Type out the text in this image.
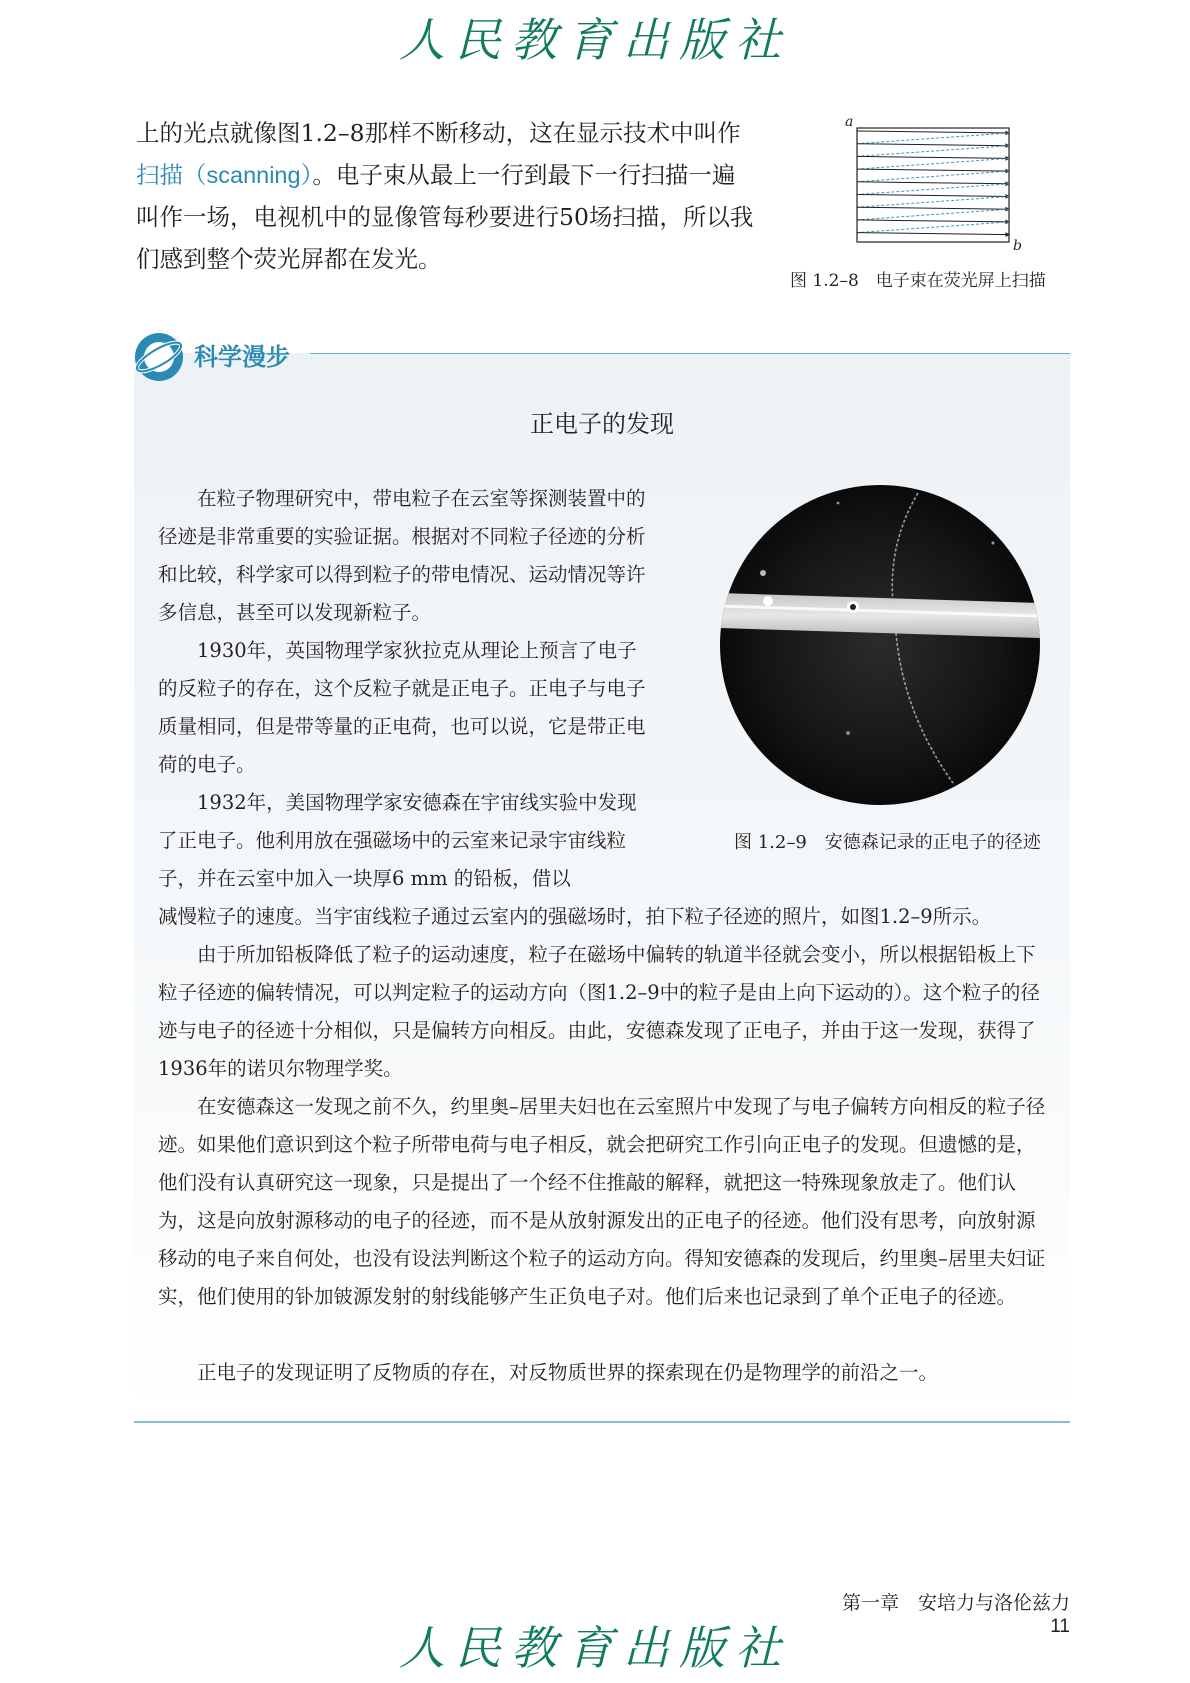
人民教育出版社

上的光点就像图1.2–8那样不断移动，这在显示技术中叫作扫描（scanning）。电子束从最上一行到最下一行扫描一遍叫作一场，电视机中的显像管每秒要进行50场扫描，所以我们感到整个荧光屏都在发光。

a
b
图 1.2–8　电子束在荧光屏上扫描
科学漫步
正电子的发现

在粒子物理研究中，带电粒子在云室等探测装置中的径迹是非常重要的实验证据。根据对不同粒子径迹的分析和比较，科学家可以得到粒子的带电情况、运动情况等许多信息，甚至可以发现新粒子。

1930年，英国物理学家狄拉克从理论上预言了电子的反粒子的存在，这个反粒子就是正电子。正电子与电子质量相同，但是带等量的正电荷，也可以说，它是带正电荷的电子。

1932年，美国物理学家安德森在宇宙线实验中发现了正电子。他利用放在强磁场中的云室来记录宇宙线粒子，并在云室中加入一块厚6 mm 的铅板，借以

减慢粒子的速度。当宇宙线粒子通过云室内的强磁场时，拍下粒子径迹的照片，如图1.2–9所示。

由于所加铅板降低了粒子的运动速度，粒子在磁场中偏转的轨道半径就会变小，所以根据铅板上下粒子径迹的偏转情况，可以判定粒子的运动方向（图1.2–9中的粒子是由上向下运动的）。这个粒子的径迹与电子的径迹十分相似，只是偏转方向相反。由此，安德森发现了正电子，并由于这一发现，获得了1936年的诺贝尔物理学奖。

在安德森这一发现之前不久，约里奥–居里夫妇也在云室照片中发现了与电子偏转方向相反的粒子径迹。如果他们意识到这个粒子所带电荷与电子相反，就会把研究工作引向正电子的发现。但遗憾的是，他们没有认真研究这一现象，只是提出了一个经不住推敲的解释，就把这一特殊现象放走了。他们认为，这是向放射源移动的电子的径迹，而不是从放射源发出的正电子的径迹。他们没有思考，向放射源移动的电子来自何处，也没有设法判断这个粒子的运动方向。得知安德森的发现后，约里奥–居里夫妇证实，他们使用的钋加铍源发射的射线能够产生正负电子对。他们后来也记录到了单个正电子的径迹。

正电子的发现证明了反物质的存在，对反物质世界的探索现在仍是物理学的前沿之一。

图 1.2–9　安德森记录的正电子的径迹
第一章　安培力与洛伦兹力11
人民教育出版社
